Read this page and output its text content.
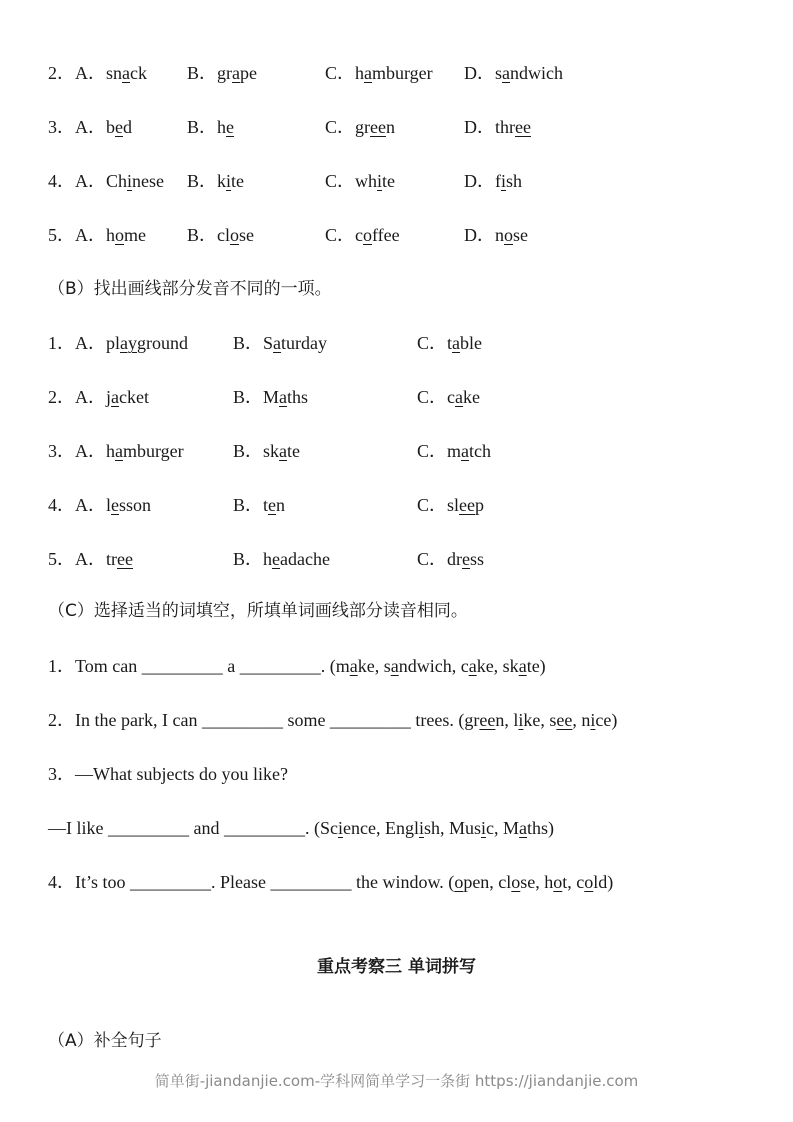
2．A．snack B．grape	C．hamburger D．sandwich
3．A．bed	B．he	C．green	D．three
4．A．Chinese B．kite	C．white	D．fish
5．A．home B．close	C．coffee	D．nose
（B）找出画线部分发音不同的一项。
1．A．playground B．Saturday	C．table
2．A．jacket	B．Maths	C．cake
3．A．hamburger	B．skate	C．match
4．A．lesson	B．ten	C．sleep
5．A．tree	B．headache	C．dress
（C）选择适当的词填空，所填单词画线部分读音相同。
1．Tom can _________ a _________. (make, sandwich, cake, skate)
2．In the park, I can _________ some _________ trees. (green, like, see, nice)
3．—What subjects do you like?
—I like _________ and _________. (Science, English, Music, Maths)
4．It’s too _________. Please _________ the window. (open, close, hot, cold)
重点考察三 单词拼写
（A）补全句子
简单街-jiandanjie.com-学科网简单学习一条街 https://jiandanjie.com
